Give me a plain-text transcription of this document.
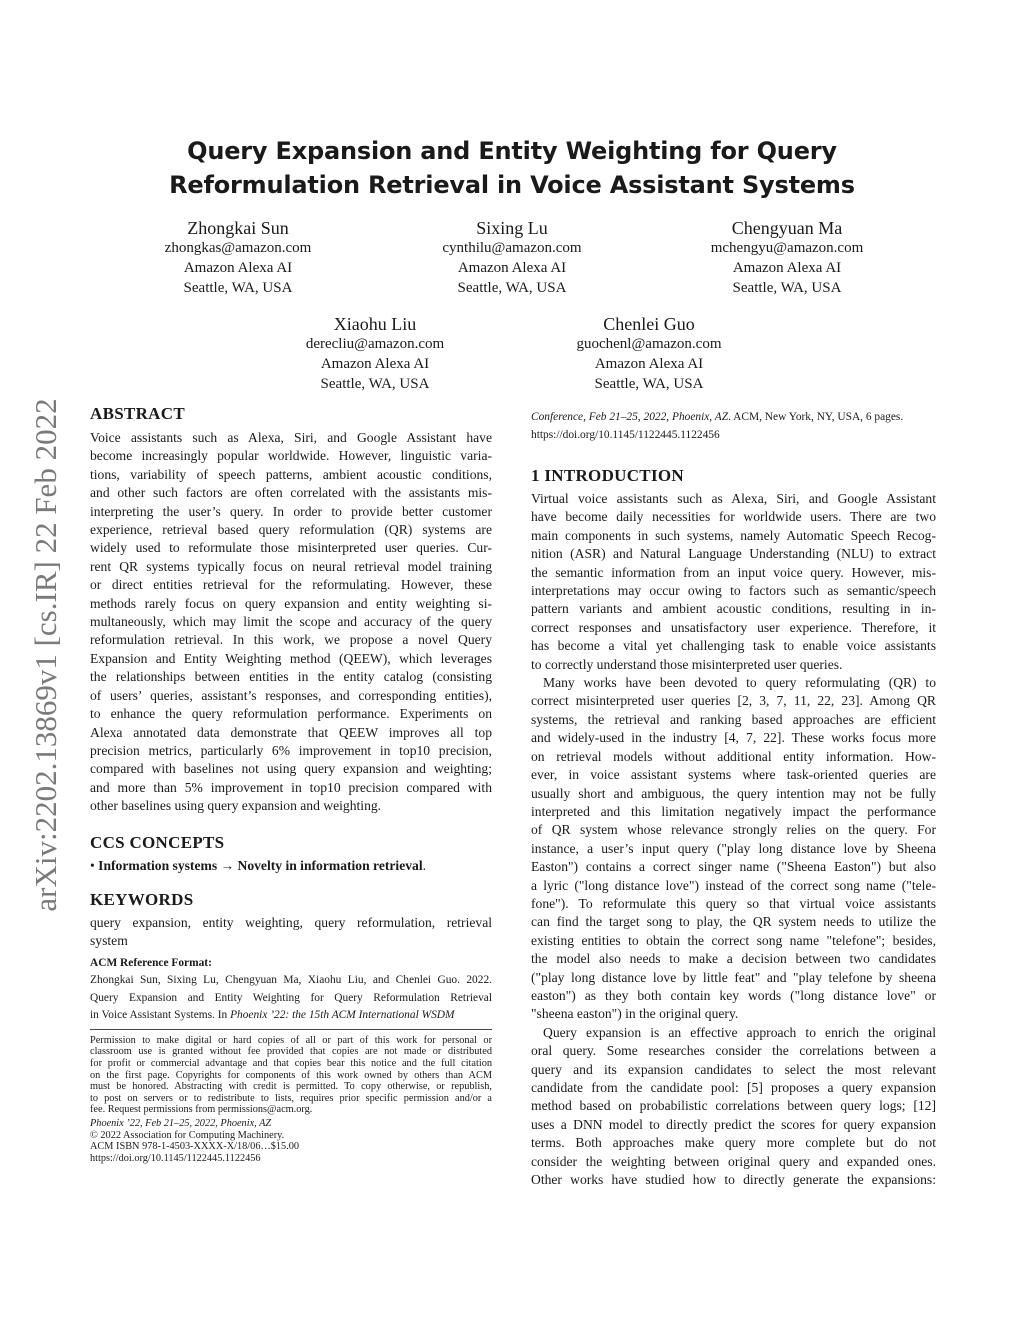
arXiv:2202.13869v1 [cs.IR] 22 Feb 2022
Query Expansion and Entity Weighting for Query
Reformulation Retrieval in Voice Assistant Systems
Zhongkai Sun
zhongkas@amazon.com
Amazon Alexa AI
Seattle, WA, USA
Sixing Lu
cynthilu@amazon.com
Amazon Alexa AI
Seattle, WA, USA
Chengyuan Ma
mchengyu@amazon.com
Amazon Alexa AI
Seattle, WA, USA
Xiaohu Liu
derecliu@amazon.com
Amazon Alexa AI
Seattle, WA, USA
Chenlei Guo
guochenl@amazon.com
Amazon Alexa AI
Seattle, WA, USA
ABSTRACT
Voice assistants such as Alexa, Siri, and Google Assistant have
become increasingly popular worldwide. However, linguistic varia-
tions, variability of speech patterns, ambient acoustic conditions,
and other such factors are often correlated with the assistants mis-
interpreting the user’s query. In order to provide better customer
experience, retrieval based query reformulation (QR) systems are
widely used to reformulate those misinterpreted user queries. Cur-
rent QR systems typically focus on neural retrieval model training
or direct entities retrieval for the reformulating. However, these
methods rarely focus on query expansion and entity weighting si-
multaneously, which may limit the scope and accuracy of the query
reformulation retrieval. In this work, we propose a novel Query
Expansion and Entity Weighting method (QEEW), which leverages
the relationships between entities in the entity catalog (consisting
of users’ queries, assistant’s responses, and corresponding entities),
to enhance the query reformulation performance. Experiments on
Alexa annotated data demonstrate that QEEW improves all top
precision metrics, particularly 6% improvement in top10 precision,
compared with baselines not using query expansion and weighting;
and more than 5% improvement in top10 precision compared with
other baselines using query expansion and weighting.
CCS CONCEPTS
• Information systems → Novelty in information retrieval.
KEYWORDS
query expansion, entity weighting, query reformulation, retrieval
system
ACM Reference Format:
Zhongkai Sun, Sixing Lu, Chengyuan Ma, Xiaohu Liu, and Chenlei Guo. 2022.
Query Expansion and Entity Weighting for Query Reformulation Retrieval
in Voice Assistant Systems. In Phoenix ’22: the 15th ACM International WSDM
Permission to make digital or hard copies of all or part of this work for personal or
classroom use is granted without fee provided that copies are not made or distributed
for profit or commercial advantage and that copies bear this notice and the full citation
on the first page. Copyrights for components of this work owned by others than ACM
must be honored. Abstracting with credit is permitted. To copy otherwise, or republish,
to post on servers or to redistribute to lists, requires prior specific permission and/or a
fee. Request permissions from permissions@acm.org.
Phoenix ’22, Feb 21–25, 2022, Phoenix, AZ
© 2022 Association for Computing Machinery.
ACM ISBN 978-1-4503-XXXX-X/18/06…$15.00
https://doi.org/10.1145/1122445.1122456
Conference, Feb 21–25, 2022, Phoenix, AZ. ACM, New York, NY, USA, 6 pages.
https://doi.org/10.1145/1122445.1122456
1 INTRODUCTION
Virtual voice assistants such as Alexa, Siri, and Google Assistant
have become daily necessities for worldwide users. There are two
main components in such systems, namely Automatic Speech Recog-
nition (ASR) and Natural Language Understanding (NLU) to extract
the semantic information from an input voice query. However, mis-
interpretations may occur owing to factors such as semantic/speech
pattern variants and ambient acoustic conditions, resulting in in-
correct responses and unsatisfactory user experience. Therefore, it
has become a vital yet challenging task to enable voice assistants
to correctly understand those misinterpreted user queries.
Many works have been devoted to query reformulating (QR) to
correct misinterpreted user queries [2, 3, 7, 11, 22, 23]. Among QR
systems, the retrieval and ranking based approaches are efficient
and widely-used in the industry [4, 7, 22]. These works focus more
on retrieval models without additional entity information. How-
ever, in voice assistant systems where task-oriented queries are
usually short and ambiguous, the query intention may not be fully
interpreted and this limitation negatively impact the performance
of QR system whose relevance strongly relies on the query. For
instance, a user’s input query ("play long distance love by Sheena
Easton") contains a correct singer name ("Sheena Easton") but also
a lyric ("long distance love") instead of the correct song name ("tele-
fone"). To reformulate this query so that virtual voice assistants
can find the target song to play, the QR system needs to utilize the
existing entities to obtain the correct song name "telefone"; besides,
the model also needs to make a decision between two candidates
("play long distance love by little feat" and "play telefone by sheena
easton") as they both contain key words ("long distance love" or
"sheena easton") in the original query.
Query expansion is an effective approach to enrich the original
oral query. Some researches consider the correlations between a
query and its expansion candidates to select the most relevant
candidate from the candidate pool: [5] proposes a query expansion
method based on probabilistic correlations between query logs; [12]
uses a DNN model to directly predict the scores for query expansion
terms. Both approaches make query more complete but do not
consider the weighting between original query and expanded ones.
Other works have studied how to directly generate the expansions:
